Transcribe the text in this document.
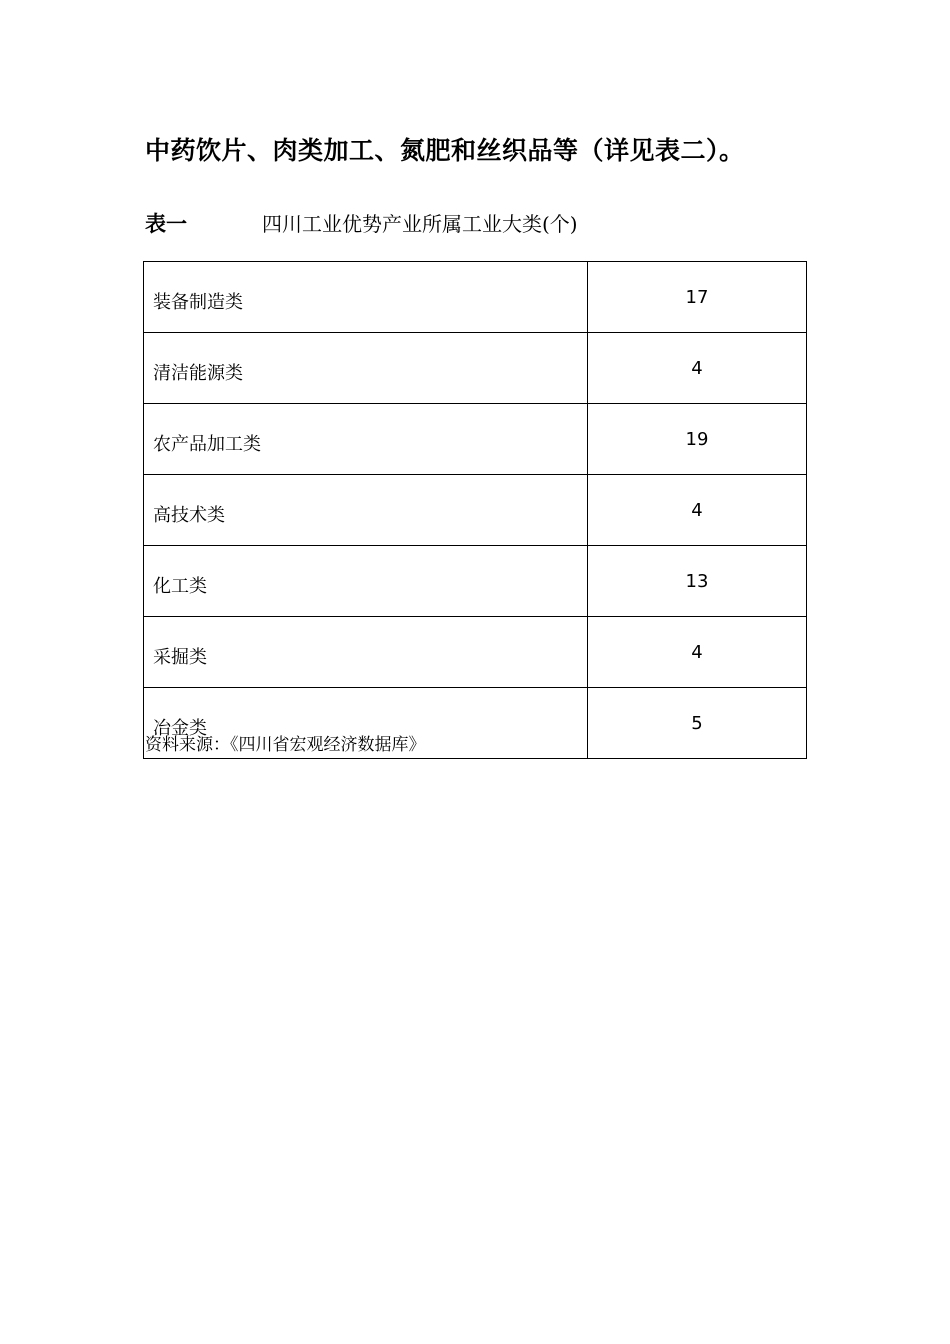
中药饮片、肉类加工、氮肥和丝织品等（详见表二）。
表一	四川工业优势产业所属工业大类(个)
装备制造类	17
清洁能源类	4
农产品加工类	19
高技术类	4
化工类	13
采掘类	4
冶金类	5
资料来源：《四川省宏观经济数据库》
